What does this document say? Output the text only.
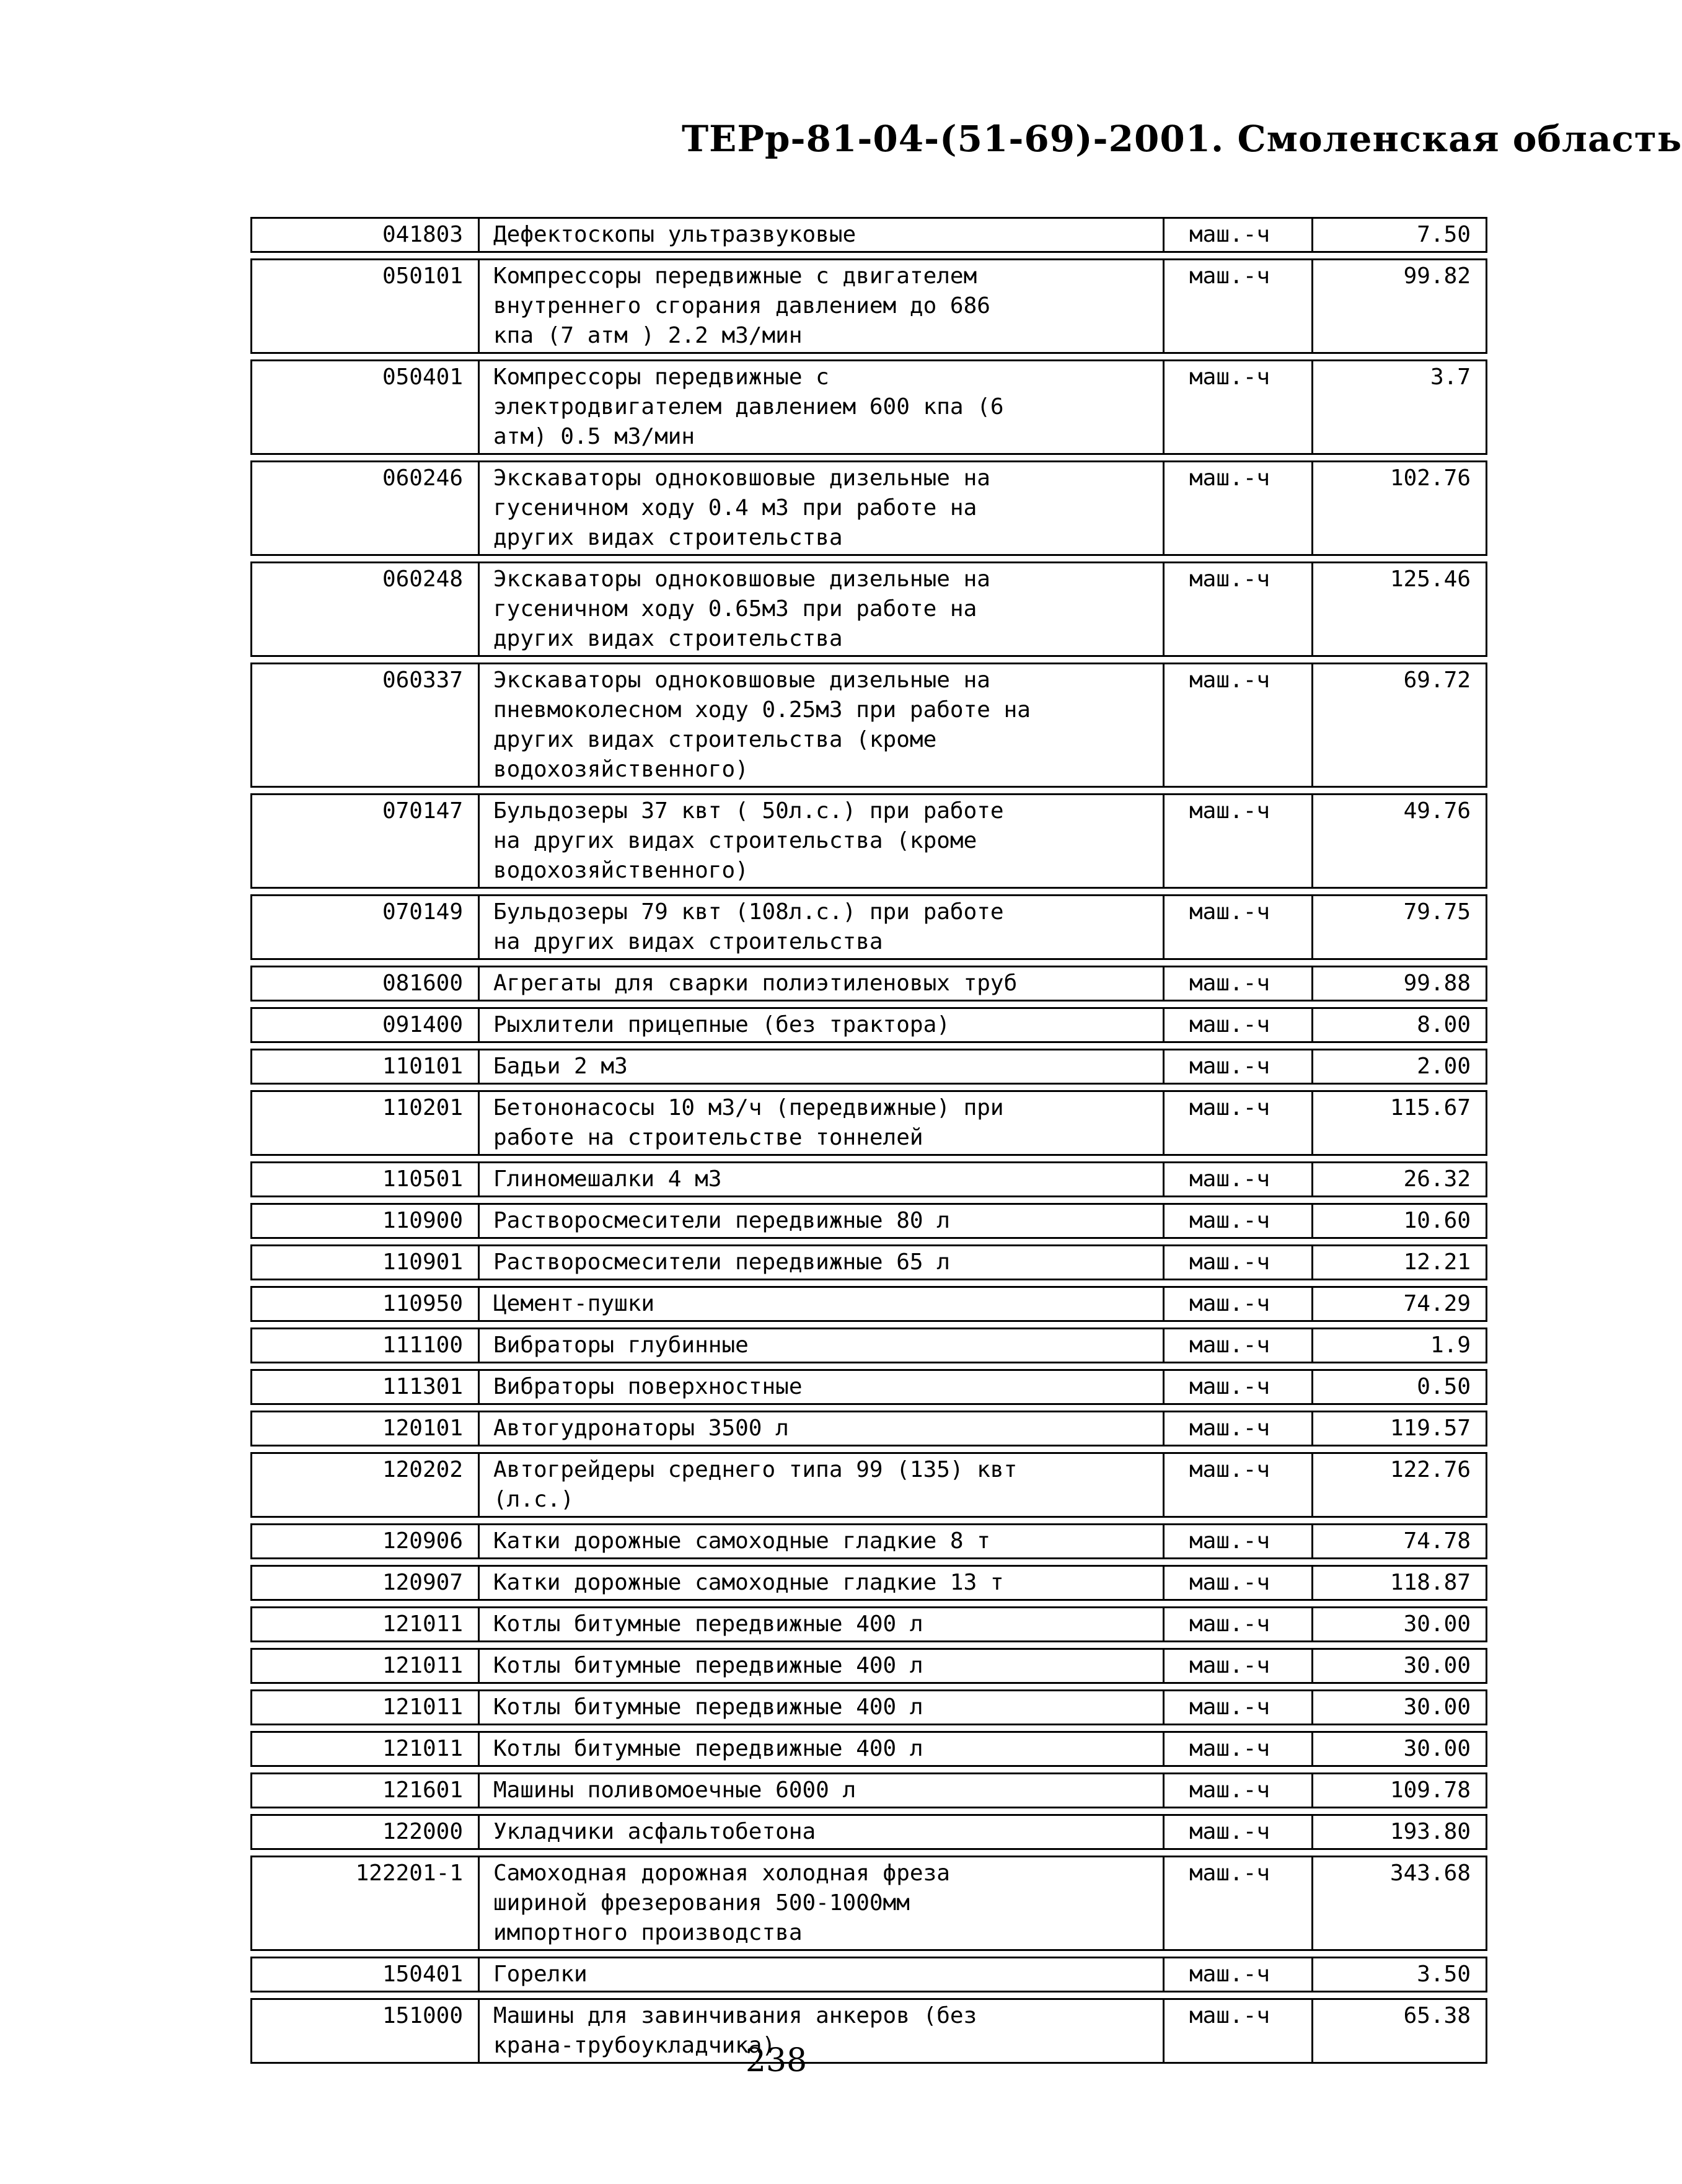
ТЕРр-81-04-(51-69)-2001. Смоленская область
041803	Дефектоскопы ультразвуковые	маш.-ч	7.50
050101	Компрессоры передвижные с двигателем
внутреннего сгорания давлением до 686
кпа (7 атм ) 2.2 м3/мин
маш.-ч	99.82
050401	Компрессоры передвижные с
электродвигателем давлением 600 кпа (6
атм) 0.5 м3/мин
маш.-ч	3.7
060246	Экскаваторы одноковшовые дизельные на
гусеничном ходу 0.4 м3 при работе на
других видах строительства
маш.-ч	102.76
060248	Экскаваторы одноковшовые дизельные на
гусеничном ходу 0.65м3 при работе на
других видах строительства
маш.-ч	125.46
060337	Экскаваторы одноковшовые дизельные на
пневмоколесном ходу 0.25м3 при работе на
других видах строительства (кроме
водохозяйственного)
маш.-ч	69.72
070147	Бульдозеры 37 квт ( 50л.с.) при работе
на других видах строительства (кроме
водохозяйственного)
маш.-ч	49.76
070149	Бульдозеры 79 квт (108л.с.) при работе
на других видах строительства
маш.-ч	79.75
081600	Агрегаты для сварки полиэтиленовых труб	маш.-ч	99.88
091400	Рыхлители прицепные (без трактора)	маш.-ч	8.00
110101	Бадьи 2 м3	маш.-ч	2.00
110201	Бетононасосы 10 м3/ч (передвижные) при
работе на строительстве тоннелей
маш.-ч	115.67
110501	Глиномешалки 4 м3	маш.-ч	26.32
110900	Растворосмесители передвижные 80 л	маш.-ч	10.60
110901	Растворосмесители передвижные 65 л	маш.-ч	12.21
110950	Цемент-пушки	маш.-ч	74.29
111100	Вибраторы глубинные	маш.-ч	1.9
111301	Вибраторы поверхностные	маш.-ч	0.50
120101	Автогудронаторы 3500 л	маш.-ч	119.57
120202	Автогрейдеры среднего типа 99 (135) квт
(л.с.)
маш.-ч	122.76
120906	Катки дорожные самоходные гладкие 8 т	маш.-ч	74.78
120907	Катки дорожные самоходные гладкие 13 т	маш.-ч	118.87
121011	Котлы битумные передвижные 400 л	маш.-ч	30.00
121011	Котлы битумные передвижные 400 л	маш.-ч	30.00
121011	Котлы битумные передвижные 400 л	маш.-ч	30.00
121011	Котлы битумные передвижные 400 л	маш.-ч	30.00
121601	Машины поливомоечные 6000 л	маш.-ч	109.78
122000	Укладчики асфальтобетона	маш.-ч	193.80
122201-1	Самоходная дорожная холодная фреза
шириной фрезерования 500-1000мм
импортного производства
маш.-ч	343.68
150401	Горелки	маш.-ч	3.50
151000	Машины для завинчивания анкеров (без
крана-трубоукладчика)
маш.-ч	65.38
238
